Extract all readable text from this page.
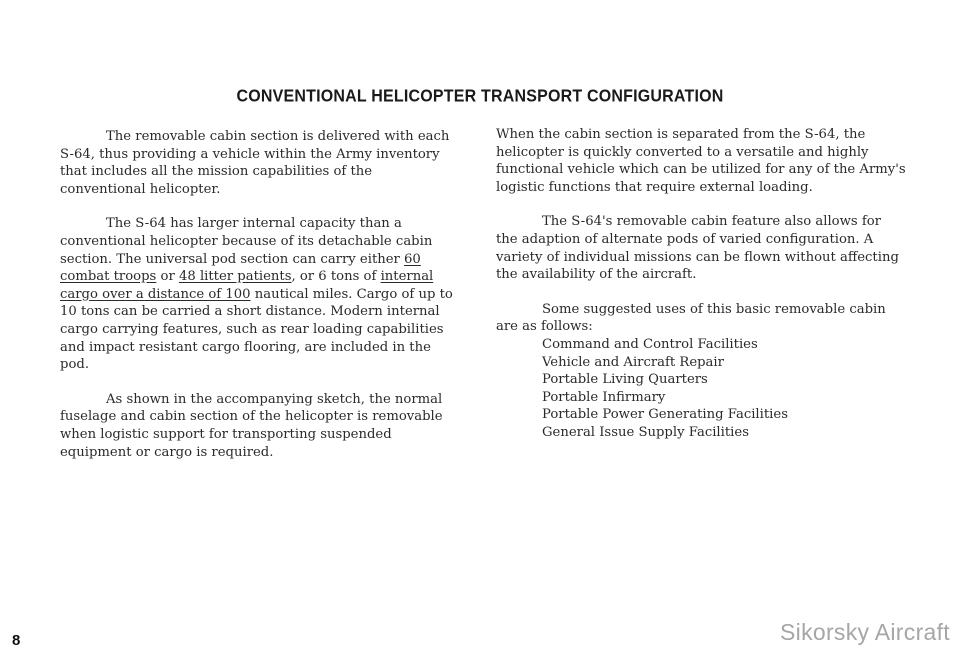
CONVENTIONAL HELICOPTER TRANSPORT CONFIGURATION

The removable cabin section is delivered with each S-64, thus providing a vehicle within the Army inventory that includes all the mission capabilities of the conventional helicopter.

The S-64 has larger internal capacity than a conventional helicopter because of its detachable cabin section. The universal pod section can carry either 60 combat troops or 48 litter patients, or 6 tons of internal cargo over a distance of 100 nautical miles. Cargo of up to 10 tons can be carried a short distance. Modern internal cargo carrying features, such as rear loading capabilities and impact resistant cargo flooring, are included in the pod.

As shown in the accompanying sketch, the normal fuselage and cabin section of the helicopter is removable when logistic support for transporting suspended equipment or cargo is required.

When the cabin section is separated from the S-64, the helicopter is quickly converted to a versatile and highly functional vehicle which can be utilized for any of the Army's logistic functions that require external loading.

The S-64's removable cabin feature also allows for the adaption of alternate pods of varied configuration. A variety of individual missions can be flown without affecting the availability of the aircraft.

Some suggested uses of this basic removable cabin are as follows:

Command and Control Facilities
Vehicle and Aircraft Repair
Portable Living Quarters
Portable Infirmary
Portable Power Generating Facilities
General Issue Supply Facilities
8	Sikorsky Aircraft
